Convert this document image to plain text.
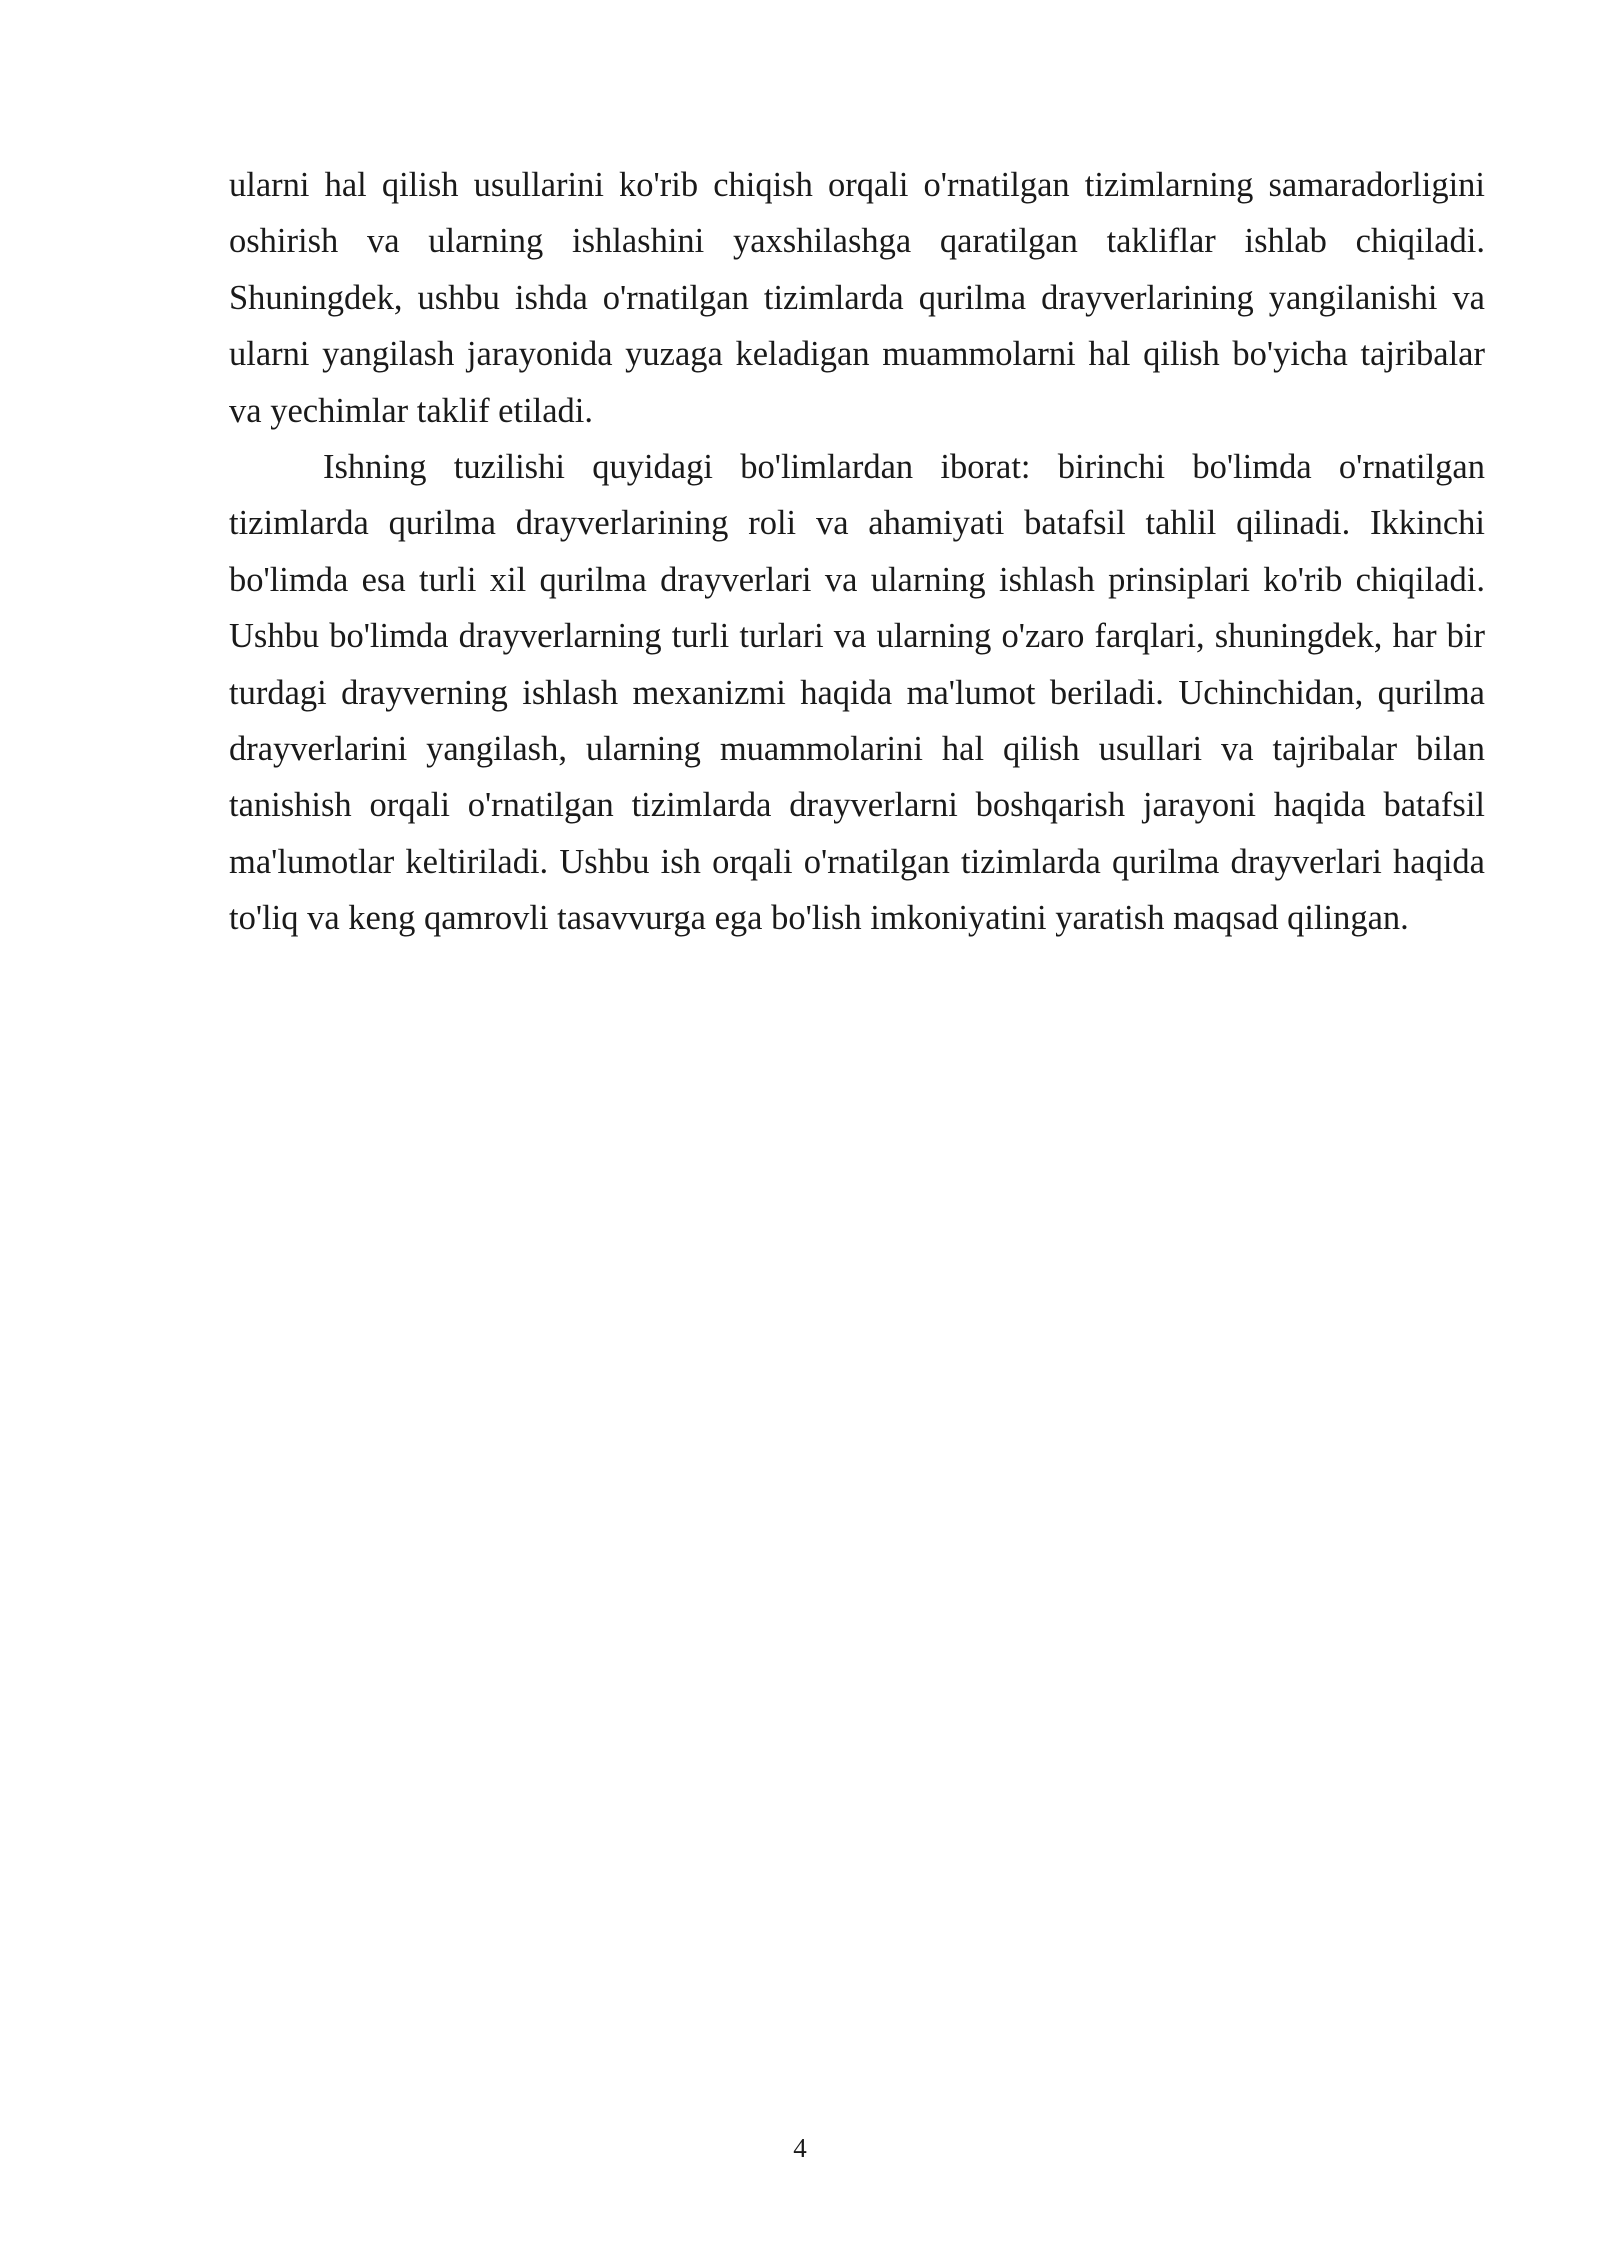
ularni hal qilish usullarini ko'rib chiqish orqali o'rnatilgan tizimlarning samaradorligini oshirish va ularning ishlashini yaxshilashga qaratilgan takliflar ishlab chiqiladi. Shuningdek, ushbu ishda o'rnatilgan tizimlarda qurilma drayverlarining yangilanishi va ularni yangilash jarayonida yuzaga keladigan muammolarni hal qilish bo'yicha tajribalar va yechimlar taklif etiladi.

Ishning tuzilishi quyidagi bo'limlardan iborat: birinchi bo'limda o'rnatilgan tizimlarda qurilma drayverlarining roli va ahamiyati batafsil tahlil qilinadi. Ikkinchi bo'limda esa turli xil qurilma drayverlari va ularning ishlash prinsiplari ko'rib chiqiladi. Ushbu bo'limda drayverlarning turli turlari va ularning o'zaro farqlari, shuningdek, har bir turdagi drayverning ishlash mexanizmi haqida ma'lumot beriladi. Uchinchidan, qurilma drayverlarini yangilash, ularning muammolarini hal qilish usullari va tajribalar bilan tanishish orqali o'rnatilgan tizimlarda drayverlarni boshqarish jarayoni haqida batafsil ma'lumotlar keltiriladi. Ushbu ish orqali o'rnatilgan tizimlarda qurilma drayverlari haqida to'liq va keng qamrovli tasavvurga ega bo'lish imkoniyatini yaratish maqsad qilingan.

4
